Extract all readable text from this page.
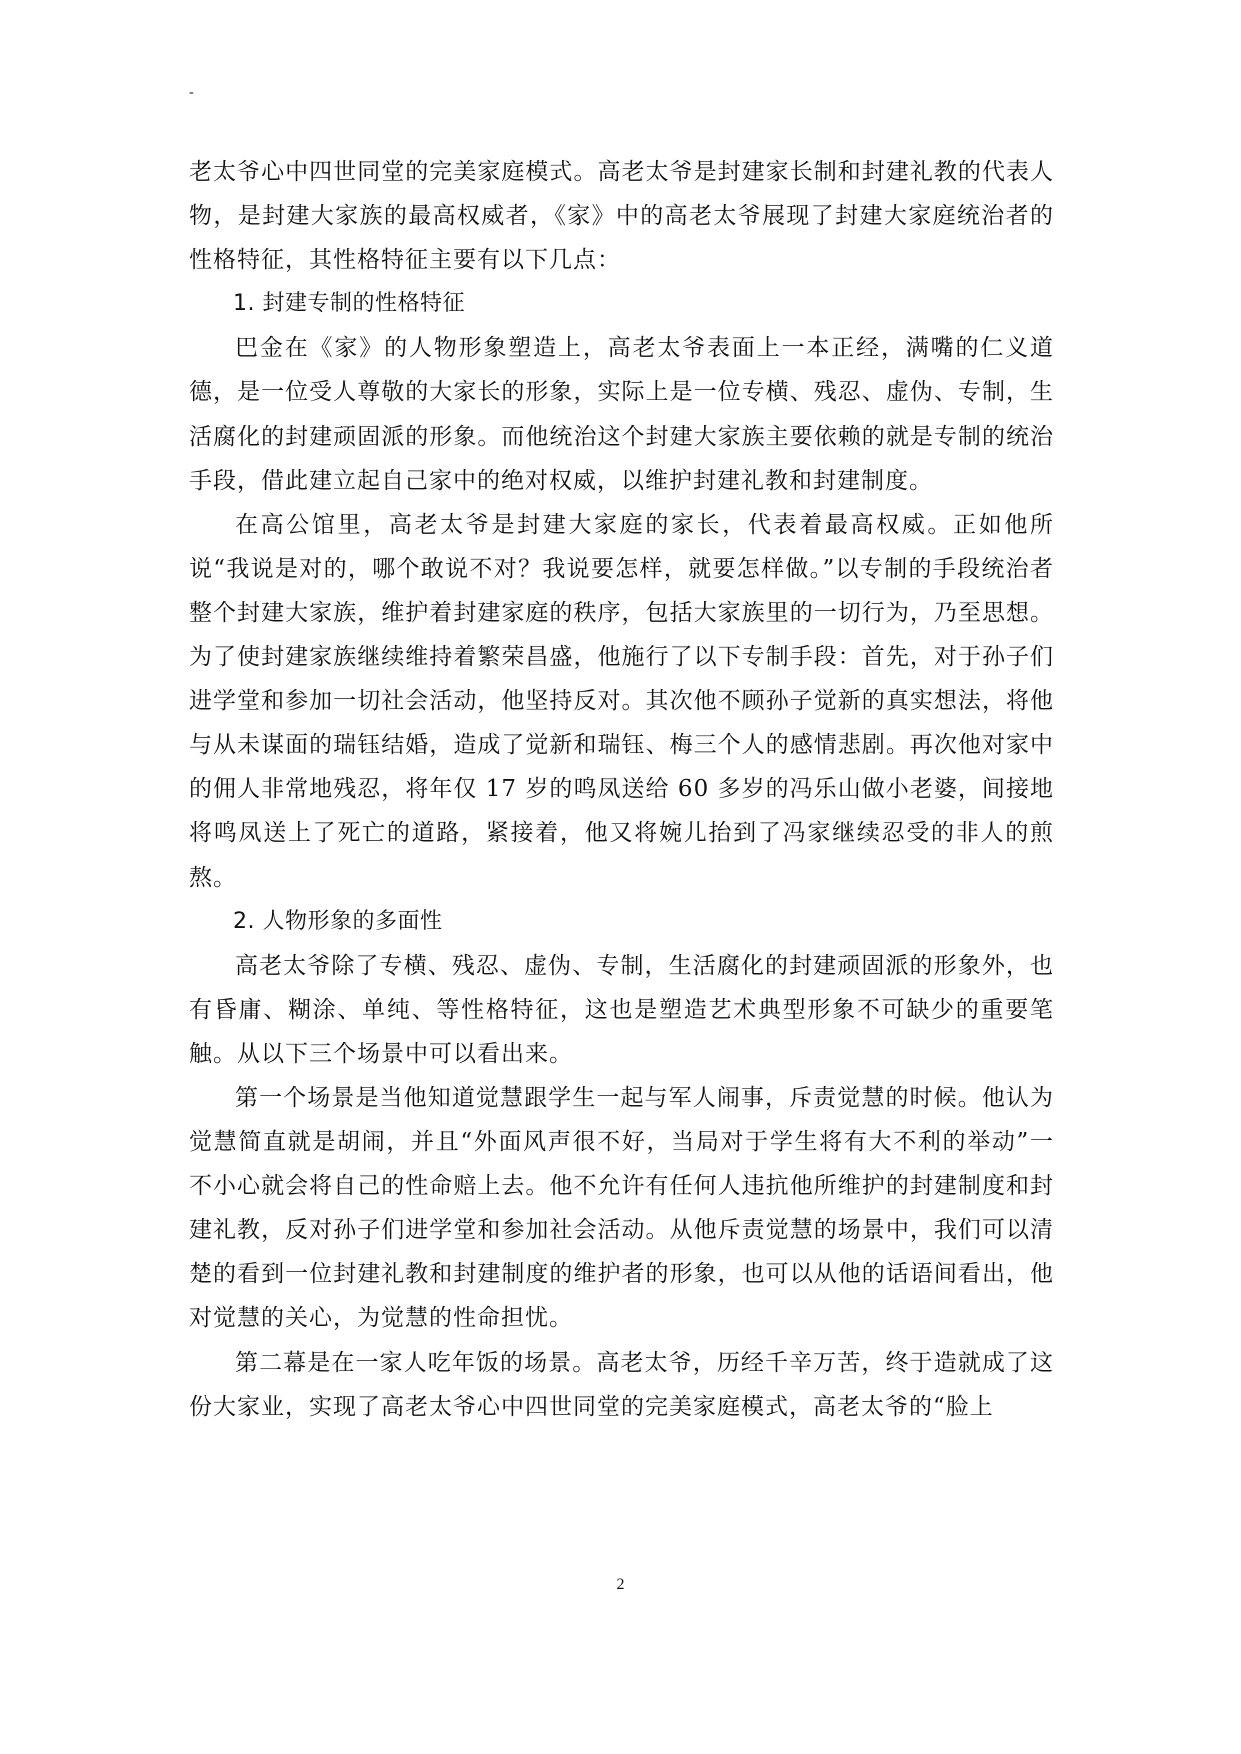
-

老太爷心中四世同堂的完美家庭模式。高老太爷是封建家长制和封建礼教的代表人物，是封建大家族的最高权威者，《家》中的高老太爷展现了封建大家庭统治者的性格特征，其性格特征主要有以下几点：

1. 封建专制的性格特征

巴金在《家》的人物形象塑造上，高老太爷表面上一本正经，满嘴的仁义道德，是一位受人尊敬的大家长的形象，实际上是一位专横、残忍、虚伪、专制，生活腐化的封建顽固派的形象。而他统治这个封建大家族主要依赖的就是专制的统治手段，借此建立起自己家中的绝对权威，以维护封建礼教和封建制度。

在高公馆里，高老太爷是封建大家庭的家长，代表着最高权威。正如他所说“我说是对的，哪个敢说不对？我说要怎样，就要怎样做。”以专制的手段统治者整个封建大家族，维护着封建家庭的秩序，包括大家族里的一切行为，乃至思想。为了使封建家族继续维持着繁荣昌盛，他施行了以下专制手段：首先，对于孙子们进学堂和参加一切社会活动，他坚持反对。其次他不顾孙子觉新的真实想法，将他与从未谋面的瑞钰结婚，造成了觉新和瑞钰、梅三个人的感情悲剧。再次他对家中的佣人非常地残忍，将年仅 17 岁的鸣凤送给 60 多岁的冯乐山做小老婆，间接地将鸣凤送上了死亡的道路，紧接着，他又将婉儿抬到了冯家继续忍受的非人的煎熬。

2. 人物形象的多面性

高老太爷除了专横、残忍、虚伪、专制，生活腐化的封建顽固派的形象外，也有昏庸、糊涂、单纯、等性格特征，这也是塑造艺术典型形象不可缺少的重要笔触。从以下三个场景中可以看出来。

第一个场景是当他知道觉慧跟学生一起与军人闹事，斥责觉慧的时候。他认为觉慧简直就是胡闹，并且“外面风声很不好，当局对于学生将有大不利的举动”一不小心就会将自己的性命赔上去。他不允许有任何人违抗他所维护的封建制度和封建礼教，反对孙子们进学堂和参加社会活动。从他斥责觉慧的场景中，我们可以清楚的看到一位封建礼教和封建制度的维护者的形象，也可以从他的话语间看出，他对觉慧的关心，为觉慧的性命担忧。

第二幕是在一家人吃年饭的场景。高老太爷，历经千辛万苦，终于造就成了这份大家业，实现了高老太爷心中四世同堂的完美家庭模式，高老太爷的“脸上

2
